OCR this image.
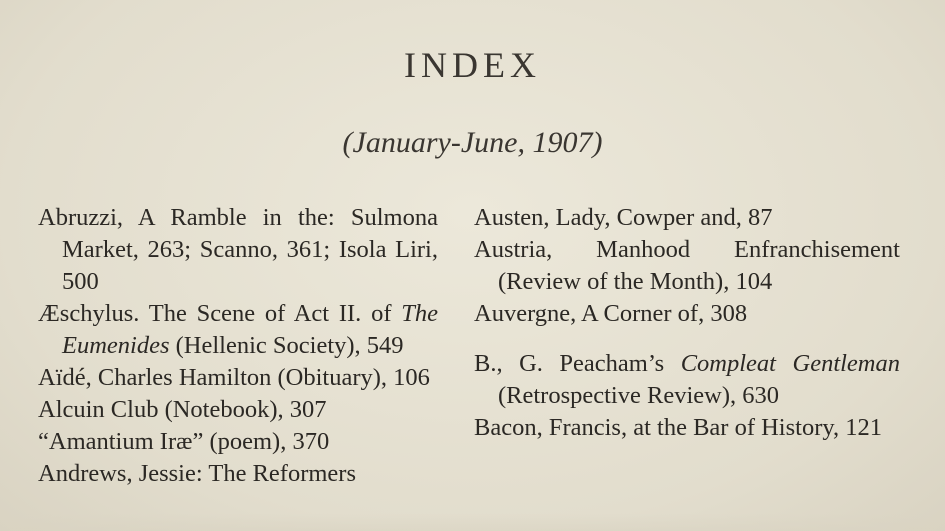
INDEX
(January-June, 1907)
Abruzzi, A Ramble in the: Sulmona Market, 263; Scanno, 361; Isola Liri, 500
Æschylus. The Scene of Act II. of The Eumenides (Hellenic Society), 549
Aïdé, Charles Hamilton (Obituary), 106
Alcuin Club (Notebook), 307
“Amantium Iræ” (poem), 370
Andrews, Jessie: The Reformers
Austen, Lady, Cowper and, 87
Austria, Manhood Enfranchisement (Review of the Month), 104
Auvergne, A Corner of, 308
B., G. Peacham’s Compleat Gentleman (Retrospective Review), 630
Bacon, Francis, at the Bar of History, 121
